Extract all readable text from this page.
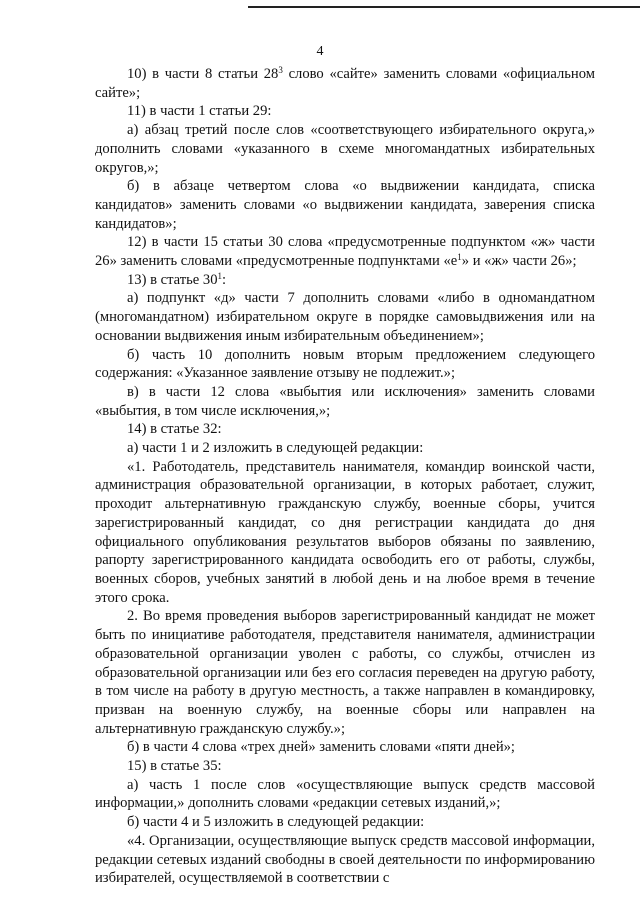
4

10) в части 8 статьи $28^3$ слово «сайте» заменить словами «официальном сайте»;

11) в части 1 статьи 29:

а) абзац третий после слов «соответствующего избирательного округа,» дополнить словами «указанного в схеме многомандатных избирательных округов,»;

б) в абзаце четвертом слова «о выдвижении кандидата, списка кандидатов» заменить словами «о выдвижении кандидата, заверения списка кандидатов»;

12) в части 15 статьи 30 слова «предусмотренные подпунктом «ж» части 26» заменить словами «предусмотренные подпунктами «$е^1$» и «ж» части 26»;

13) в статье $30^1$:

а) подпункт «д» части 7 дополнить словами «либо в одномандатном (многомандатном) избирательном округе в порядке самовыдвижения или на основании выдвижения иным избирательным объединением»;

б) часть 10 дополнить новым вторым предложением следующего содержания: «Указанное заявление отзыву не подлежит.»;

в) в части 12 слова «выбытия или исключения» заменить словами «выбытия, в том числе исключения,»;

14) в статье 32:

а) части 1 и 2 изложить в следующей редакции:

«1. Работодатель, представитель нанимателя, командир воинской части, администрация образовательной организации, в которых работает, служит, проходит альтернативную гражданскую службу, военные сборы, учится зарегистрированный кандидат, со дня регистрации кандидата до дня официального опубликования результатов выборов обязаны по заявлению, рапорту зарегистрированного кандидата освободить его от работы, службы, военных сборов, учебных занятий в любой день и на любое время в течение этого срока.

2. Во время проведения выборов зарегистрированный кандидат не может быть по инициативе работодателя, представителя нанимателя, администрации образовательной организации уволен с работы, со службы, отчислен из образовательной организации или без его согласия переведен на другую работу, в том числе на работу в другую местность, а также направлен в командировку, призван на военную службу, на военные сборы или направлен на альтернативную гражданскую службу.»;

б) в части 4 слова «трех дней» заменить словами «пяти дней»;

15) в статье 35:

а) часть 1 после слов «осуществляющие выпуск средств массовой информации,» дополнить словами «редакции сетевых изданий,»;

б) части 4 и 5 изложить в следующей редакции:

«4. Организации, осуществляющие выпуск средств массовой информации, редакции сетевых изданий свободны в своей деятельности по информированию избирателей, осуществляемой в соответствии с
